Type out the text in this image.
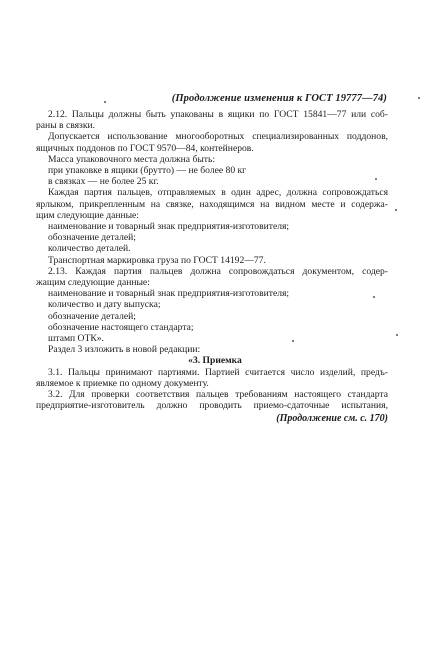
(Продолжение изменения к ГОСТ 19777—74)
2.12. Пальцы должны быть упакованы в ящики по ГОСТ 15841—77 или соб-
раны в связки.
Допускается использование многооборотных специализированных поддонов,
ящичных поддонов по ГОСТ 9570—84, контейнеров.
Масса упаковочного места должна быть:
при упаковке в ящики (брутто) — не более 80 кг
в связках — не более 25 кг.
Каждая партия пальцев, отправляемых в один адрес, должна сопровождаться
ярлыком, прикрепленным на связке, находящимся на видном месте и содержа-
щим следующие данные:
наименование и товарный знак предприятия-изготовителя;
обозначение деталей;
количество деталей.
Транспортная маркировка груза по ГОСТ 14192—77.
2.13. Каждая партия пальцев должна сопровождаться документом, содер-
жащим следующие данные:
наименование и товарный знак предприятия-изготовителя;
количество и дату выпуска;
обозначение деталей;
обозначение настоящего стандарта;
штамп ОТК».
Раздел 3 изложить в новой редакции:
«3. Приемка
3.1. Пальцы принимают партиями. Партией считается число изделий, предъ-
являемое к приемке по одному документу.
3.2. Для проверки соответствия пальцев требованиям настоящего стандарта
предприятие-изготовитель должно проводить приемо-сдаточные испытания,
(Продолжение см. с. 170)
